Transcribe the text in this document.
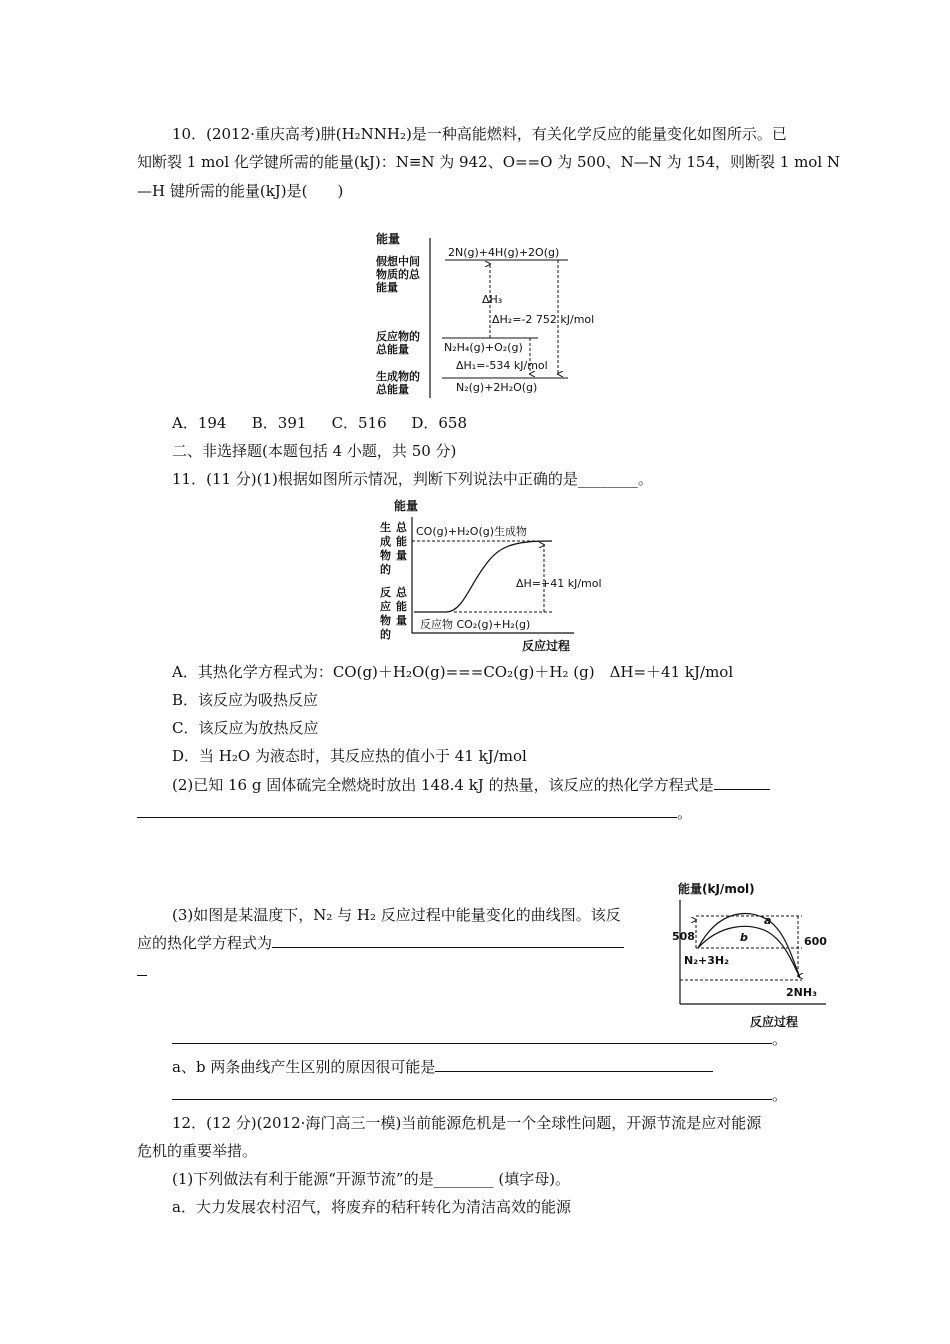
10．(2012·重庆高考)肼(H₂NNH₂)是一种高能燃料，有关化学反应的能量变化如图所示。已
知断裂 1 mol 化学键所需的能量(kJ)：N≡N 为 942、O==O 为 500、N—N 为 154，则断裂 1 mol N
—H 键所需的能量(kJ)是(　　)
能量
假想中间
物质的总
能量
反应物的
总能量
生成物的
总能量
2N(g)+4H(g)+2O(g)
N₂H₄(g)+O₂(g)
N₂(g)+2H₂O(g)
ΔH₃
ΔH₂=-2 752 kJ/mol
ΔH₁=-534 kJ/mol
A．194 B．391 C．516 D．658
二、非选择题(本题包括 4 小题，共 50 分)
11．(11 分)(1)根据如图所示情况，判断下列说法中正确的是________。
能量
生
成
物
的
总
能
量
反
应
物
的
总
能
量
CO(g)+H₂O(g)生成物
ΔH=+41 kJ/mol
反应物 CO₂(g)+H₂(g)
反应过程
A．其热化学方程式为：CO(g)＋H₂O(g)===CO₂(g)＋H₂ (g)　ΔH=＋41 kJ/mol
B．该反应为吸热反应
C．该反应为放热反应
D．当 H₂O 为液态时，其反应热的值小于 41 kJ/mol
(2)已知 16 g 固体硫完全燃烧时放出 148.4 kJ 的热量，该反应的热化学方程式是
。
(3)如图是某温度下，N₂ 与 H₂ 反应过程中能量变化的曲线图。该反
应的热化学方程式为
能量(kJ/mol)
508	600
a
b
N₂+3H₂
2NH₃
反应过程
。
a、b 两条曲线产生区别的原因很可能是
。
12．(12 分)(2012·海门高三一模)当前能源危机是一个全球性问题，开源节流是应对能源
危机的重要举措。
(1)下列做法有利于能源“开源节流”的是________ (填字母)。
a．大力发展农村沼气，将废弃的秸秆转化为清洁高效的能源
